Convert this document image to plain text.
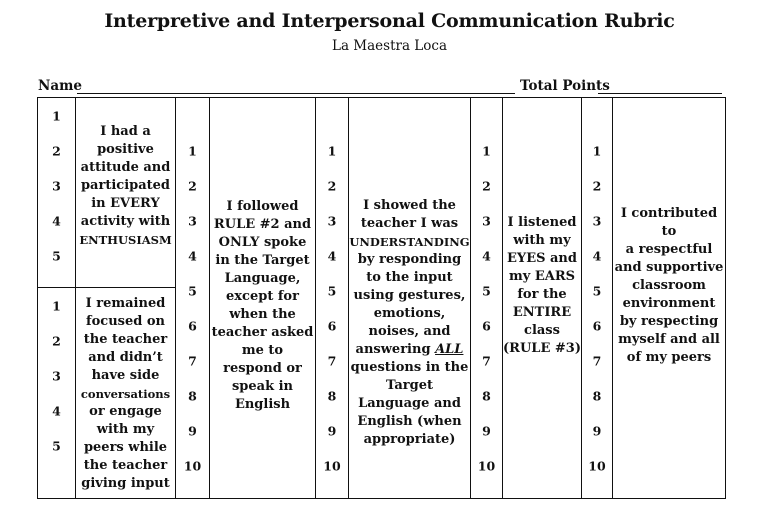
Interpretive and Interpersonal Communication Rubric
La Maestra Loca
Name	Total Points
1
2
3
4
5
I had a
positive
attitude and
participated
in EVERY
activity with
ENTHUSIASM
1
2
3
4
5
I remained
focused on
the teacher
and didn’t
have side
conversations
or engage
with my
peers while
the teacher
giving input
1
2
3
4
5
6
7
8
9
10
I followed
RULE #2 and
ONLY spoke
in the Target
Language,
except for
when the
teacher asked
me to
respond or
speak in
English
1
2
3
4
5
6
7
8
9
10
I showed the
teacher I was
UNDERSTANDING
by responding
to the input
using gestures,
emotions,
noises, and
answering ALL
questions in the
Target
Language and
English (when
appropriate)
1
2
3
4
5
6
7
8
9
10
I listened
with my
EYES and
my EARS
for the
ENTIRE
class
(RULE #3)
1
2
3
4
5
6
7
8
9
10
I contributed to
a respectful
and supportive
classroom
environment
by respecting
myself and all
of my peers
